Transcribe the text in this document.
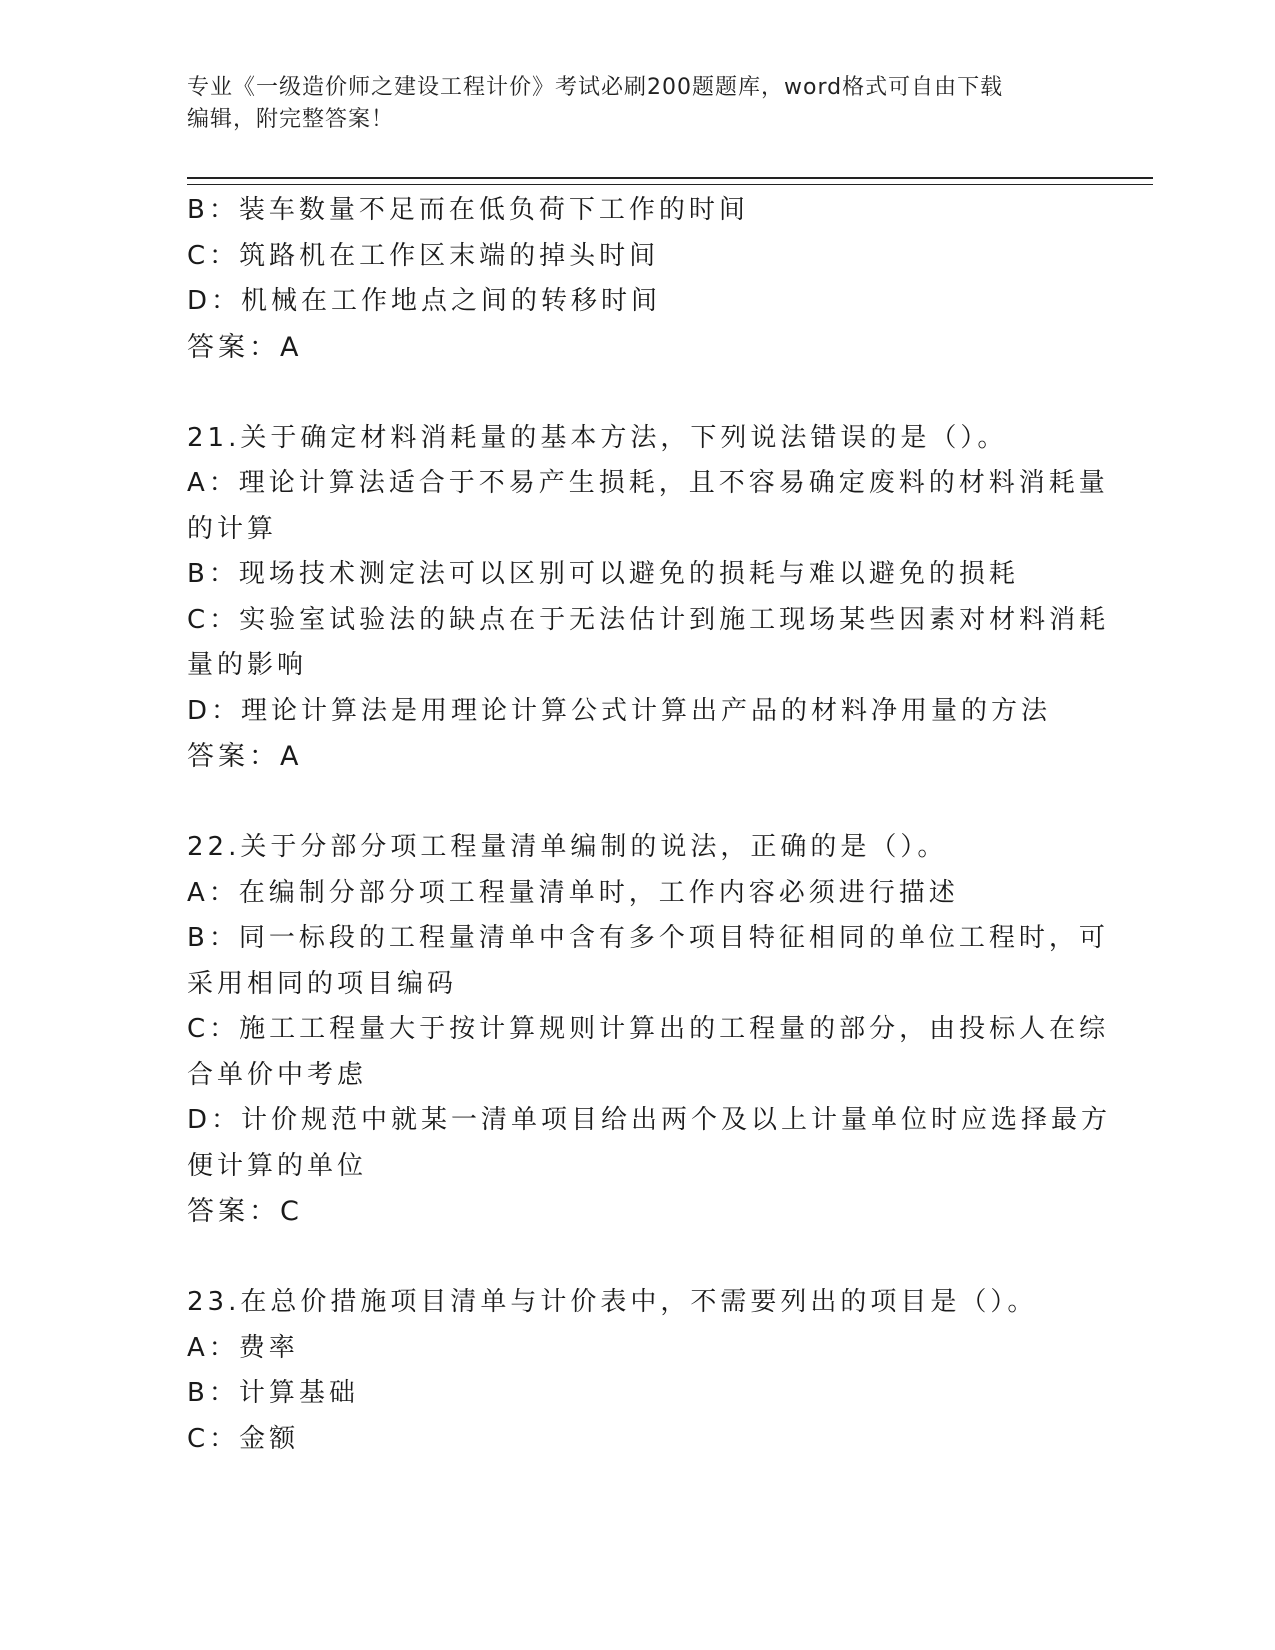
专业《一级造价师之建设工程计价》考试必刷200题题库，word格式可自由下载
编辑，附完整答案！
B：装车数量不足而在低负荷下工作的时间
C：筑路机在工作区末端的掉头时间
D：机械在工作地点之间的转移时间
答案：A
21.关于确定材料消耗量的基本方法，下列说法错误的是（）。
A：理论计算法适合于不易产生损耗，且不容易确定废料的材料消耗量
的计算
B：现场技术测定法可以区别可以避免的损耗与难以避免的损耗
C：实验室试验法的缺点在于无法估计到施工现场某些因素对材料消耗
量的影响
D：理论计算法是用理论计算公式计算出产品的材料净用量的方法
答案：A
22.关于分部分项工程量清单编制的说法，正确的是（）。
A：在编制分部分项工程量清单时，工作内容必须进行描述
B：同一标段的工程量清单中含有多个项目特征相同的单位工程时，可
采用相同的项目编码
C：施工工程量大于按计算规则计算出的工程量的部分，由投标人在综
合单价中考虑
D：计价规范中就某一清单项目给出两个及以上计量单位时应选择最方
便计算的单位
答案：C
23.在总价措施项目清单与计价表中，不需要列出的项目是（）。
A：费率
B：计算基础
C：金额
